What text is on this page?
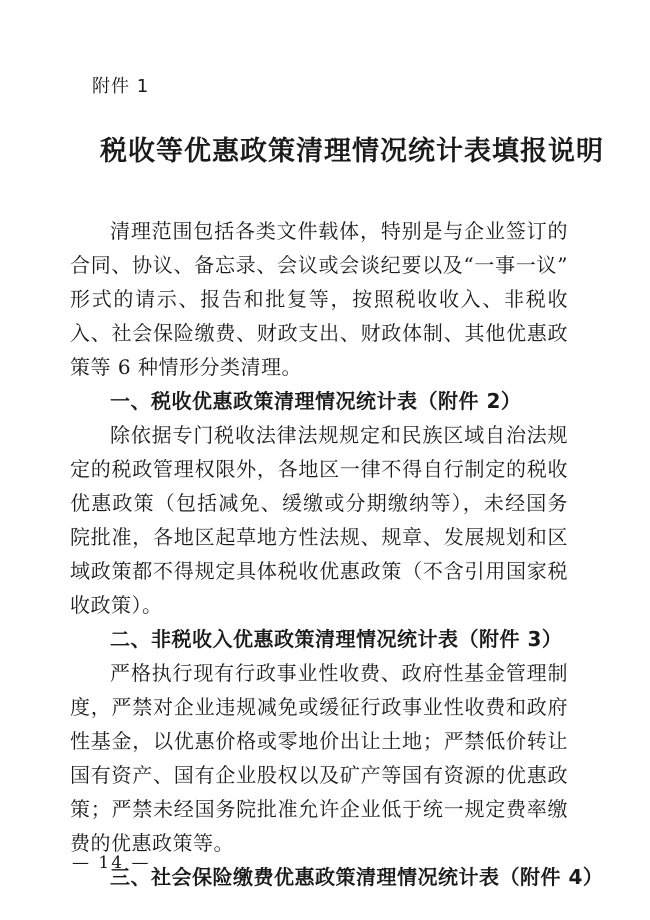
附件 1
税收等优惠政策清理情况统计表填报说明

清理范围包括各类文件载体，特别是与企业签订的合同、协议、备忘录、会议或会谈纪要以及“一事一议”形式的请示、报告和批复等，按照税收收入、非税收入、社会保险缴费、财政支出、财政体制、其他优惠政策等 6 种情形分类清理。

一、税收优惠政策清理情况统计表（附件 2）

除依据专门税收法律法规规定和民族区域自治法规定的税政管理权限外，各地区一律不得自行制定的税收优惠政策（包括减免、缓缴或分期缴纳等），未经国务院批准，各地区起草地方性法规、规章、发展规划和区域政策都不得规定具体税收优惠政策（不含引用国家税收政策）。

二、非税收入优惠政策清理情况统计表（附件 3）

严格执行现有行政事业性收费、政府性基金管理制度，严禁对企业违规减免或缓征行政事业性收费和政府性基金，以优惠价格或零地价出让土地；严禁低价转让国有资产、国有企业股权以及矿产等国有资源的优惠政策；严禁未经国务院批准允许企业低于统一规定费率缴费的优惠政策等。

三、社会保险缴费优惠政策清理情况统计表（附件 4）

— 14 —
